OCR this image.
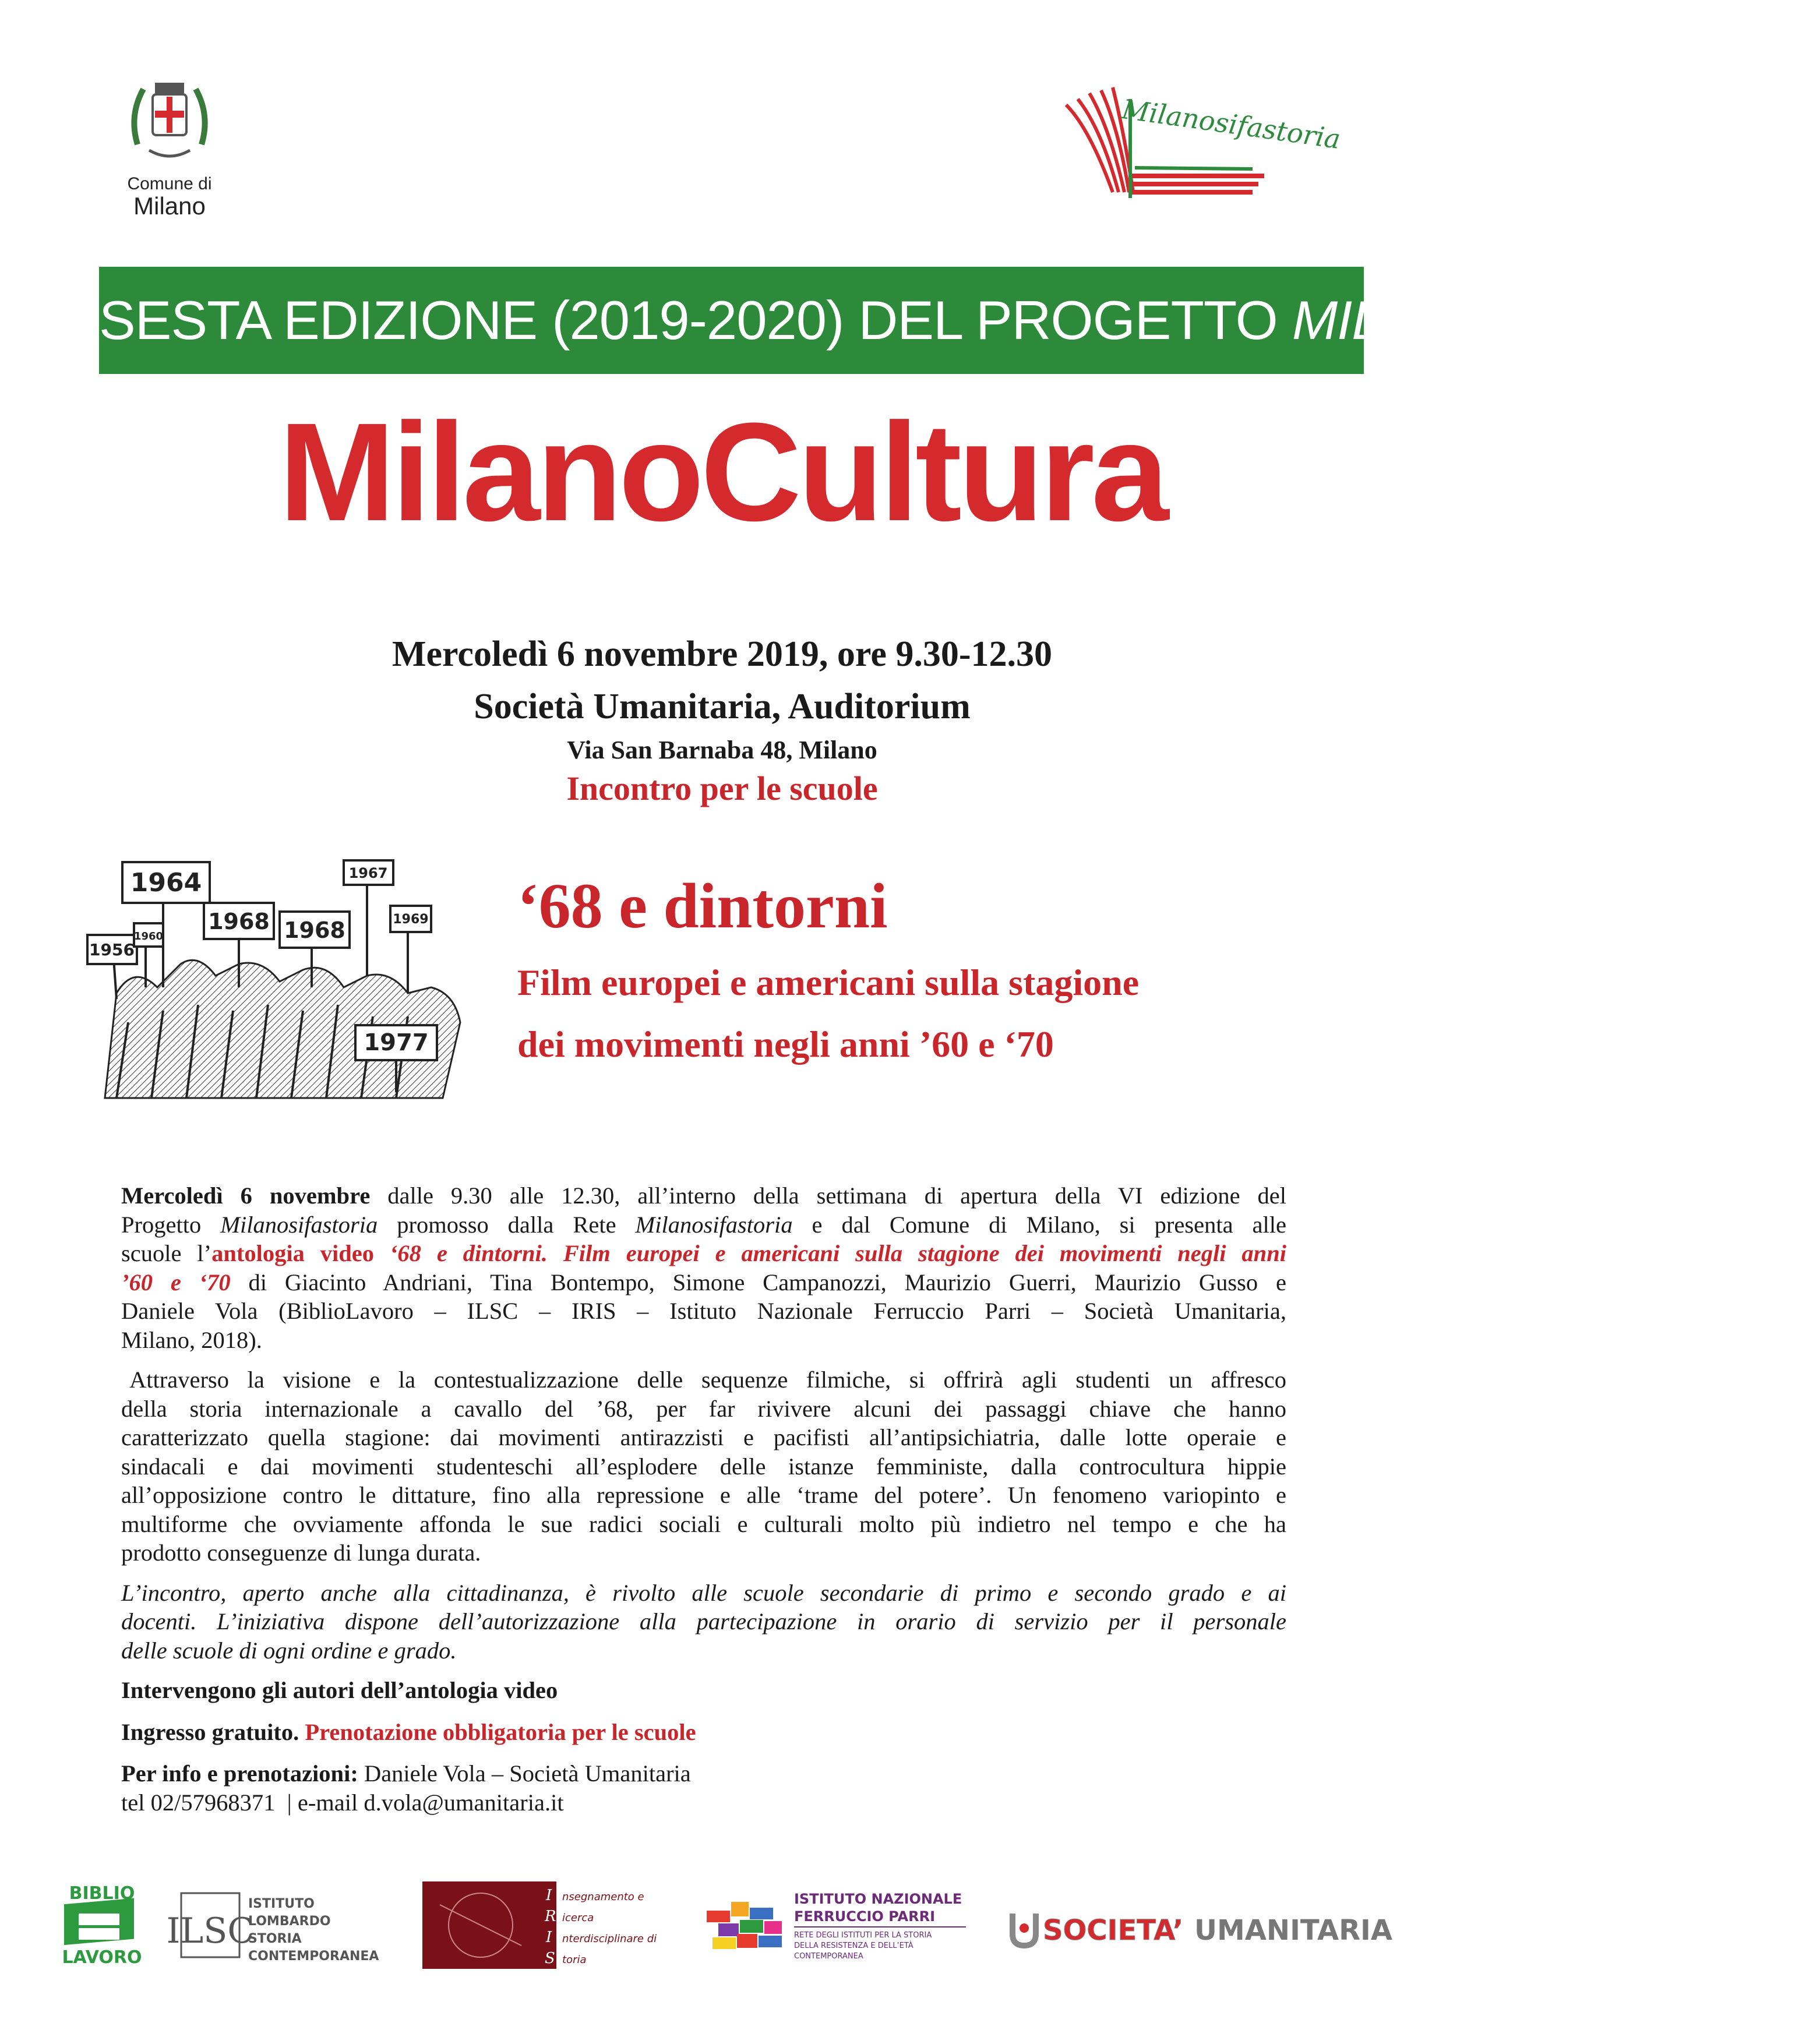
Comune di
Milano
Milanosifastoria
SESTA EDIZIONE (2019-2020) DEL PROGETTO MILANOSIFASTORIA
MilanoCultura
Mercoledì 6 novembre 2019, ore 9.30-12.30
Società Umanitaria, Auditorium
Via San Barnaba 48, Milano
Incontro per le scuole
1964	1967
1968 1968
1956
1960
1969
1977
‘68 e dintorni
Film europei e americani sulla stagione
dei movimenti negli anni ’60 e ‘70

Mercoledì 6 novembre dalle 9.30 alle 12.30, all’interno della settimana di apertura della VI edizione del
Progetto Milanosifastoria promosso dalla Rete Milanosifastoria e dal Comune di Milano, si presenta alle
scuole l’antologia video ‘68 e dintorni. Film europei e americani sulla stagione dei movimenti negli anni
’60 e ‘70 di Giacinto Andriani, Tina Bontempo, Simone Campanozzi, Maurizio Guerri, Maurizio Gusso e
Daniele Vola (BiblioLavoro – ILSC – IRIS – Istituto Nazionale Ferruccio Parri – Società Umanitaria,
Milano, 2018).

Attraverso la visione e la contestualizzazione delle sequenze filmiche, si offrirà agli studenti un affresco
della storia internazionale a cavallo del ’68, per far rivivere alcuni dei passaggi chiave che hanno
caratterizzato quella stagione: dai movimenti antirazzisti e pacifisti all’antipsichiatria, dalle lotte operaie e
sindacali e dai movimenti studenteschi all’esplodere delle istanze femministe, dalla controcultura hippie
all’opposizione contro le dittature, fino alla repressione e alle ‘trame del potere’. Un fenomeno variopinto e
multiforme che ovviamente affonda le sue radici sociali e culturali molto più indietro nel tempo e che ha
prodotto conseguenze di lunga durata.

L’incontro, aperto anche alla cittadinanza, è rivolto alle scuole secondarie di primo e secondo grado e ai
docenti. L’iniziativa dispone dell’autorizzazione alla partecipazione in orario di servizio per il personale
delle scuole di ogni ordine e grado.

Intervengono gli autori dell’antologia video

Ingresso gratuito. Prenotazione obbligatoria per le scuole

Per info e prenotazioni: Daniele Vola – Società Umanitaria

tel 02/57968371  | e-mail d.vola@umanitaria.it

BIBLIO
LAVORO
ILSC
ISTITUTO
LOMBARDO
STORIA
CONTEMPORANEA
I
R
I
S
nsegnamento e
icerca
nterdisciplinare di
toria
ISTITUTO NAZIONALE
FERRUCCIO PARRI
RETE DEGLI ISTITUTI PER LA STORIA
DELLA RESISTENZA E DELL’ETÀ
CONTEMPORANEA
SOCIETA’ UMANITARIA
